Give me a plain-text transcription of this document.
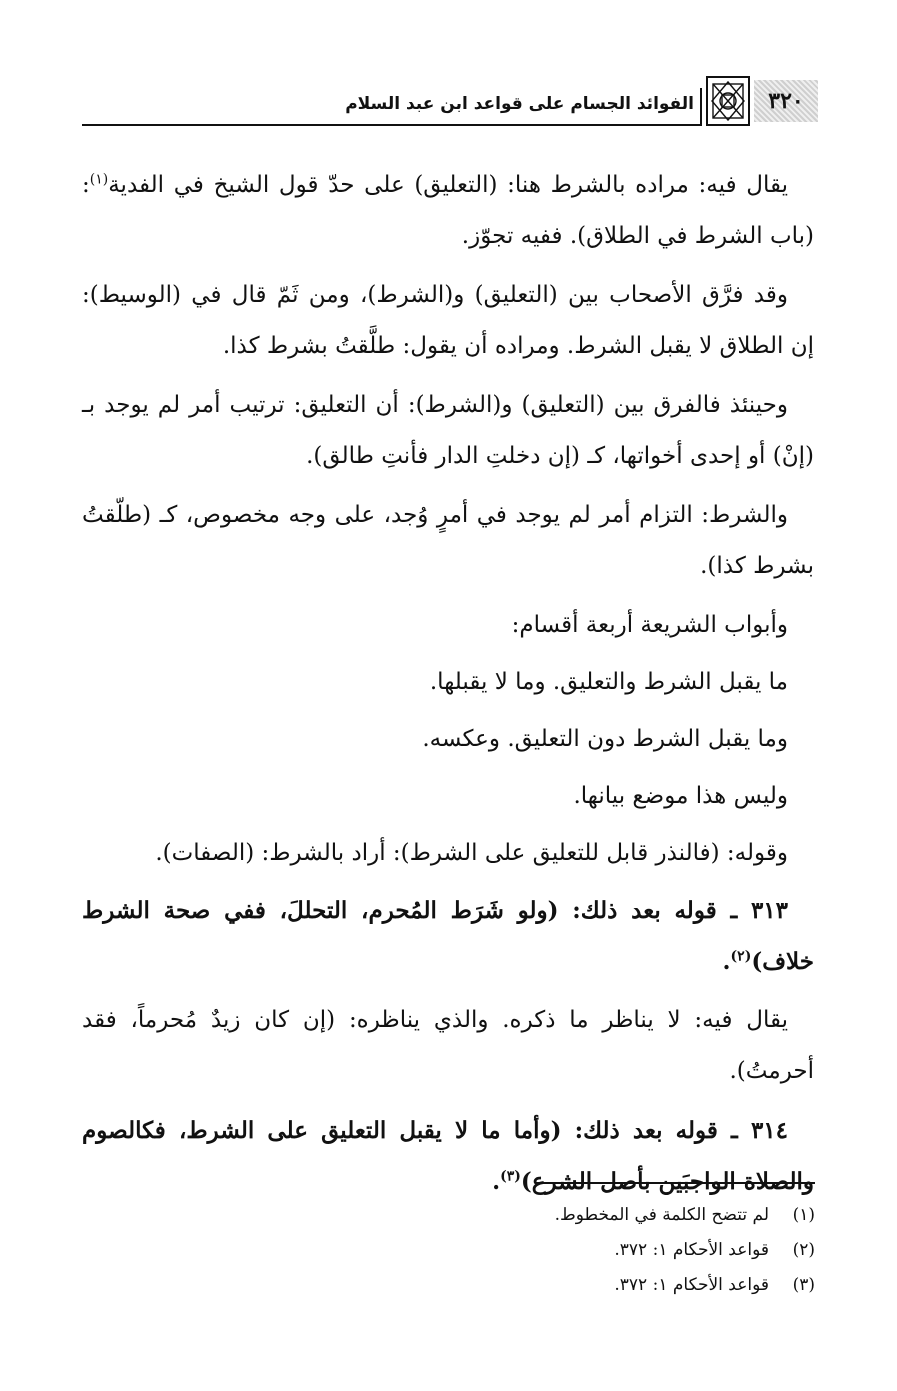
٣٢٠
الفوائد الجسام على قواعد ابن عبد السلام

يقال فيه: مراده بالشرط هنا: (التعليق) على حدّ قول الشيخ في الفدية$^{(١)}$: (باب الشرط في الطلاق). ففيه تجوّز.

وقد فرَّق الأصحاب بين (التعليق) و(الشرط)، ومن ثَمّ قال في (الوسيط): إن الطلاق لا يقبل الشرط. ومراده أن يقول: طلَّقتُ بشرط كذا.

وحينئذ فالفرق بين (التعليق) و(الشرط): أن التعليق: ترتيب أمر لم يوجد بـ (إنْ) أو إحدى أخواتها، كـ (إن دخلتِ الدار فأنتِ طالق).

والشرط: التزام أمر لم يوجد في أمرٍ وُجد، على وجه مخصوص، كـ (طلّقتُ بشرط كذا).

وأبواب الشريعة أربعة أقسام:

ما يقبل الشرط والتعليق. وما لا يقبلها.

وما يقبل الشرط دون التعليق. وعكسه.

وليس هذا موضع بيانها.

وقوله: (فالنذر قابل للتعليق على الشرط): أراد بالشرط: (الصفات).

٣١٣ ـ قوله بعد ذلك: (ولو شَرَط المُحرم، التحللَ، ففي صحة الشرط خلاف)$^{(٢)}$.

يقال فيه: لا يناظر ما ذكره. والذي يناظره: (إن كان زيدٌ مُحرماً، فقد أحرمتُ).

٣١٤ ـ قوله بعد ذلك: (وأما ما لا يقبل التعليق على الشرط، فكالصوم والصلاة الواجبَين بأصل الشرع)$^{(٣)}$.

(١)
لم تتضح الكلمة في المخطوط.
(٢)
قواعد الأحكام ١: ٣٧٢.
(٣)
قواعد الأحكام ١: ٣٧٢.
